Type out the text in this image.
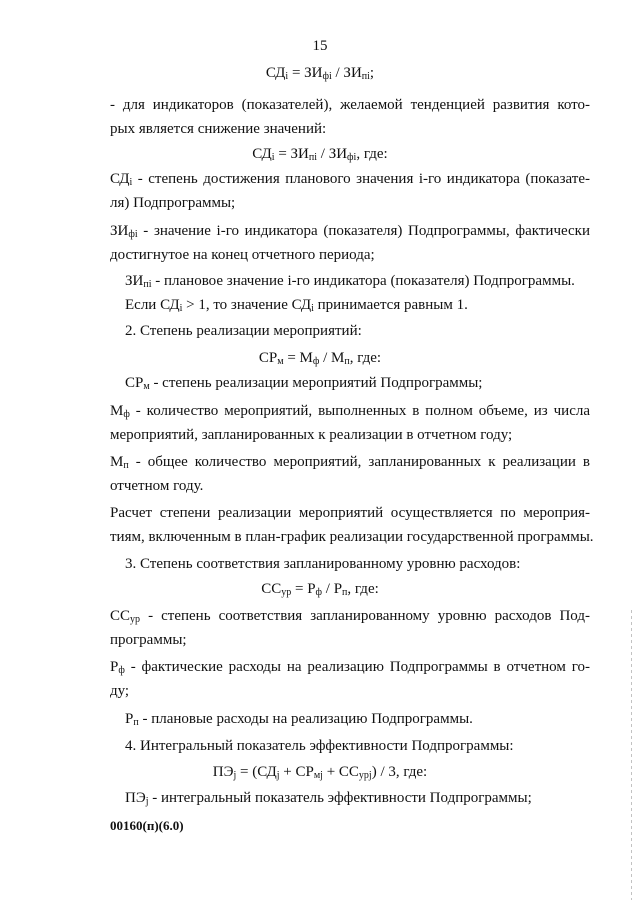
15
$СД_і = ЗИ_{фі} / ЗИ_{пі}$;
- для индикаторов (показателей), желаемой тенденцией развития кото-
рых является снижение значений:
$СД_і = ЗИ_{пі} / ЗИ_{фі}$, где:
$СД_і$ - степень достижения планового значения і-го индикатора (показате-
ля) Подпрограммы;
$ЗИ_{фі}$ - значение і-го индикатора (показателя) Подпрограммы, фактически
достигнутое на конец отчетного периода;
$ЗИ_{пі}$ - плановое значение і-го индикатора (показателя) Подпрограммы.
Если $СД_і > 1$, то значение $СД_і$ принимается равным 1.
2. Степень реализации мероприятий:
$СР_м = М_ф / М_п$, где:
$СР_м$ - степень реализации мероприятий Подпрограммы;
$М_ф$ - количество мероприятий, выполненных в полном объеме, из числа
мероприятий, запланированных к реализации в отчетном году;
$М_п$ - общее количество мероприятий, запланированных к реализации в
отчетном году.
Расчет степени реализации мероприятий осуществляется по мероприя-
тиям, включенным в план-график реализации государственной программы.
3. Степень соответствия запланированному уровню расходов:
$СС_{ур} = Р_ф / Р_п$, где:
$СС_{ур}$ - степень соответствия запланированному уровню расходов Под-
программы;
$Р_ф$ - фактические расходы на реализацию Подпрограммы в отчетном го-
ду;
$Р_п$ - плановые расходы на реализацию Подпрограммы.
4. Интегральный показатель эффективности Подпрограммы:
$ПЭ_j = (СД_j + СР_{мj} + СС_{урj}) / 3$, где:
$ПЭ_j$ - интегральный показатель эффективности Подпрограммы;
00160(п)(6.0)
